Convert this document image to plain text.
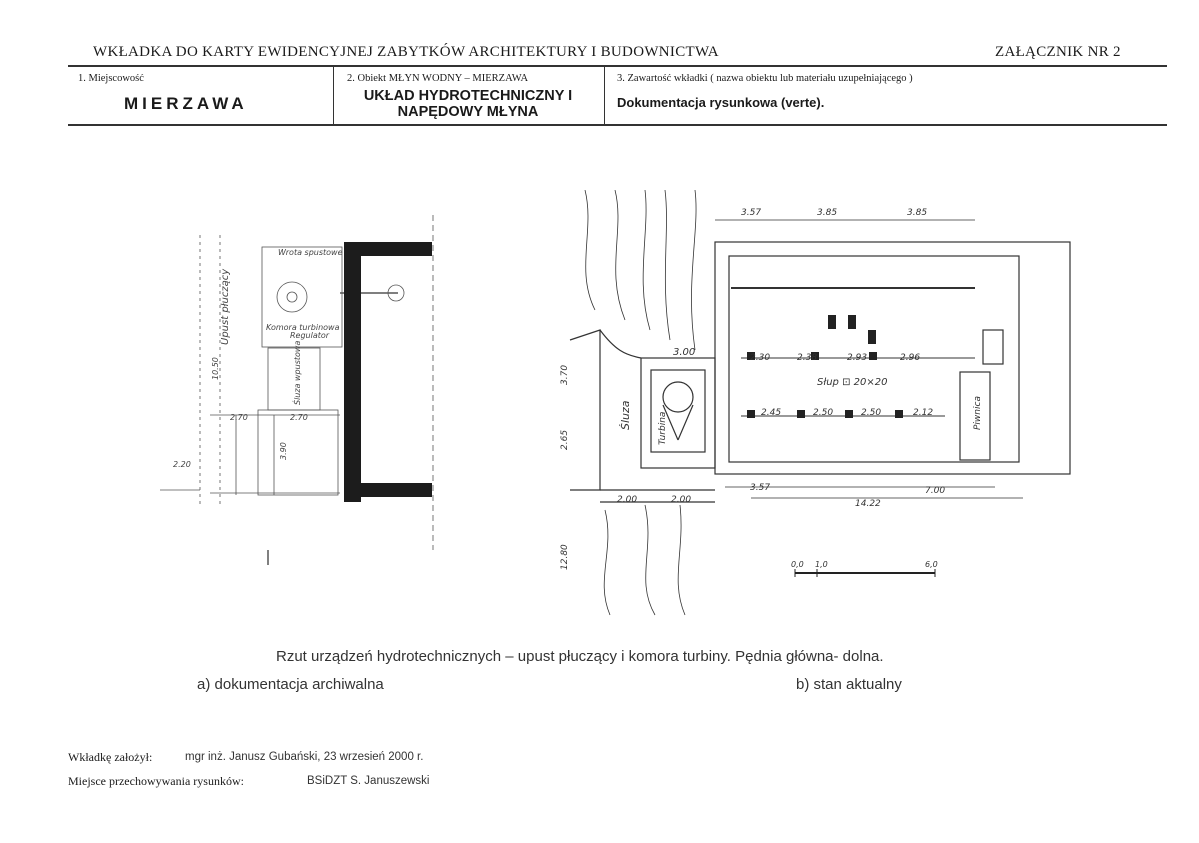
WKŁADKA DO KARTY EWIDENCYJNEJ ZABYTKÓW ARCHITEKTURY I BUDOWNICTWA	ZAŁĄCZNIK NR 2
1. Miejscowość
MIERZAWA
2. Obiekt MŁYN WODNY – MIERZAWA
UKŁAD HYDROTECHNICZNY I
NAPĘDOWY MŁYNA
3. Zawartość wkładki ( nazwa obiektu lub materiału uzupełniającego )
Dokumentacja rysunkowa (verte).
Wrota spustowe
Komora turbinowa
Regulator
Upust płuczący
Śluza wpustowa
10.50
2.70	2.70
3.90
2.20
3.57	3.85	3.85
2.30	2.38	2.93	2.96
2.45	2.50	2.50	2.12
Słup ⊡ 20×20
3.00
Śluza	Turbina	Piwnica
3.70
2.65
12.80
3.57
14.22
7.00
2.00	2.00
0,0 1,0	6,0
Rzut urządzeń hydrotechnicznych – upust płuczący i komora turbiny. Pędnia główna- dolna.
a) dokumentacja archiwalna	b) stan aktualny
Wkładkę założył:	mgr inż. Janusz Gubański, 23 wrzesień 2000 r.
Miejsce przechowywania rysunków:	BSiDZT S. Januszewski
